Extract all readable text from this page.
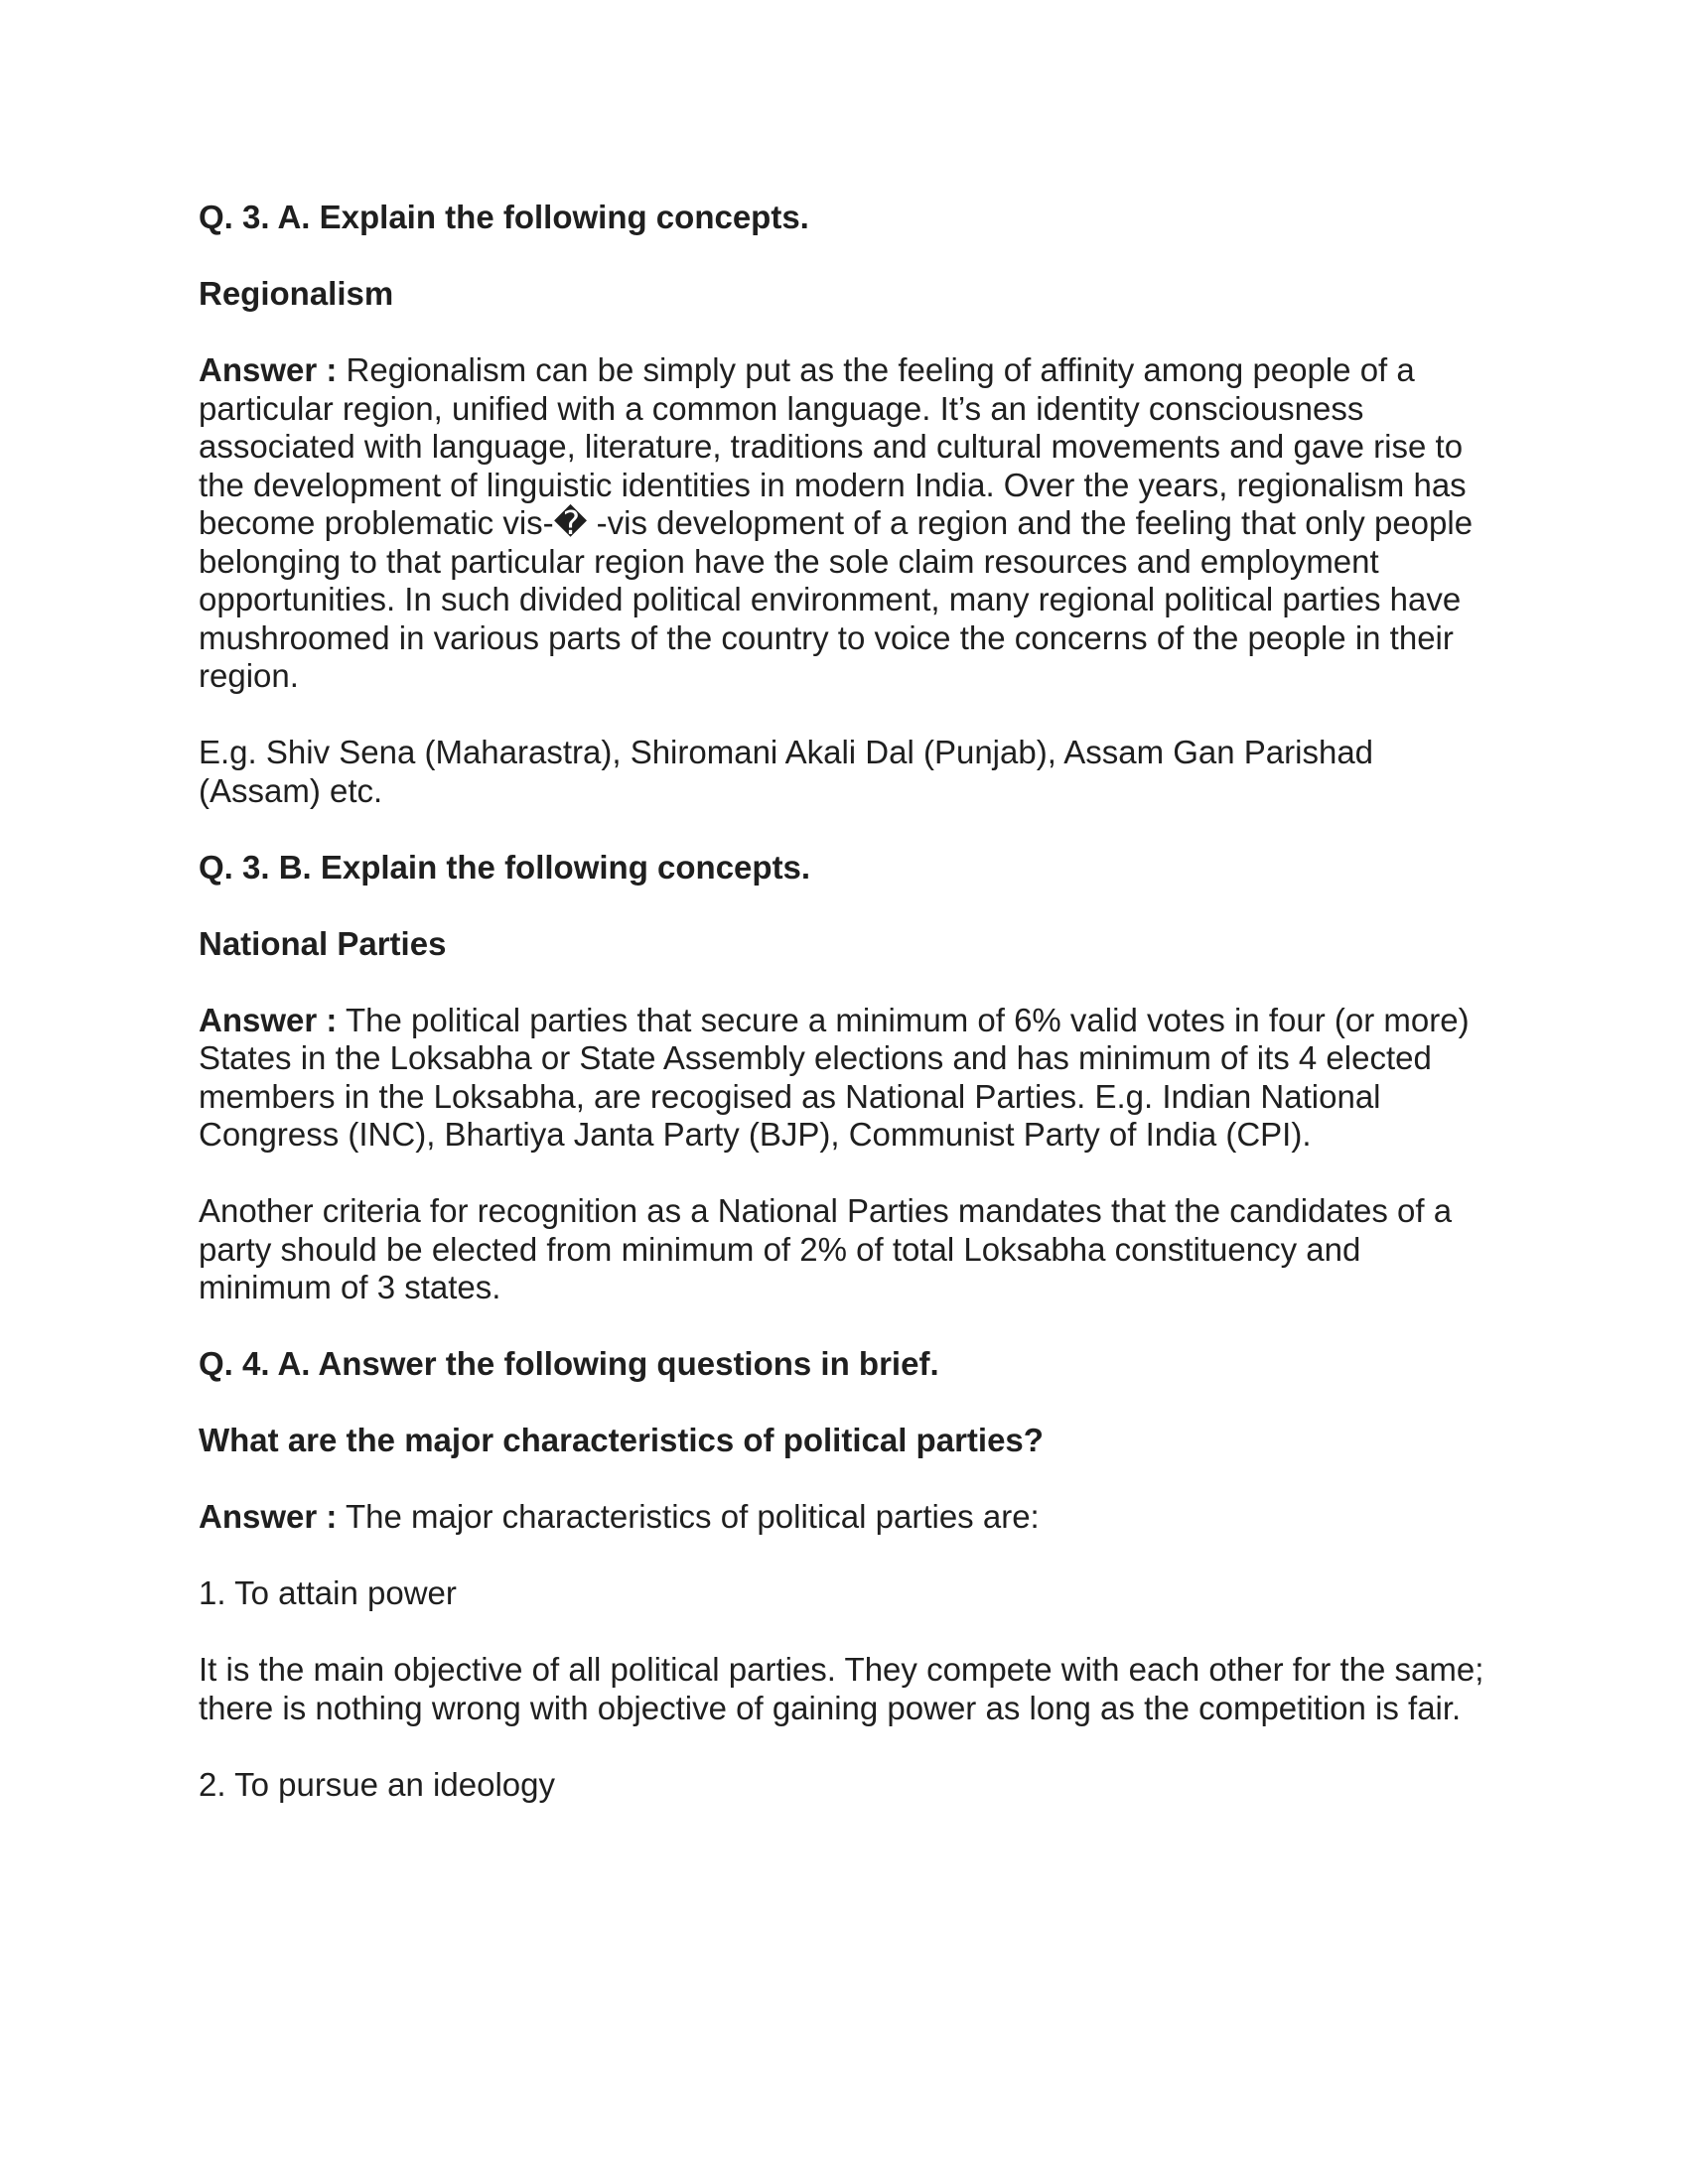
Q. 3. A. Explain the following concepts.

Regionalism

Answer : Regionalism can be simply put as the feeling of affinity among people of a particular region, unified with a common language. It’s an identity consciousness associated with language, literature, traditions and cultural movements and gave rise to the development of linguistic identities in modern India. Over the years, regionalism has become problematic vis-� -vis development of a region and the feeling that only people belonging to that particular region have the sole claim resources and employment opportunities. In such divided political environment, many regional political parties have mushroomed in various parts of the country to voice the concerns of the people in their region.

E.g. Shiv Sena (Maharastra), Shiromani Akali Dal (Punjab), Assam Gan Parishad (Assam) etc.

Q. 3. B. Explain the following concepts.

National Parties

Answer : The political parties that secure a minimum of 6% valid votes in four (or more) States in the Loksabha or State Assembly elections and has minimum of its 4 elected members in the Loksabha, are recogised as National Parties. E.g. Indian National Congress (INC), Bhartiya Janta Party (BJP), Communist Party of India (CPI).

Another criteria for recognition as a National Parties mandates that the candidates of a party should be elected from minimum of 2% of total Loksabha constituency and minimum of 3 states.

Q. 4. A. Answer the following questions in brief.

What are the major characteristics of political parties?

Answer : The major characteristics of political parties are:

1. To attain power

It is the main objective of all political parties. They compete with each other for the same; there is nothing wrong with objective of gaining power as long as the competition is fair.

2. To pursue an ideology
